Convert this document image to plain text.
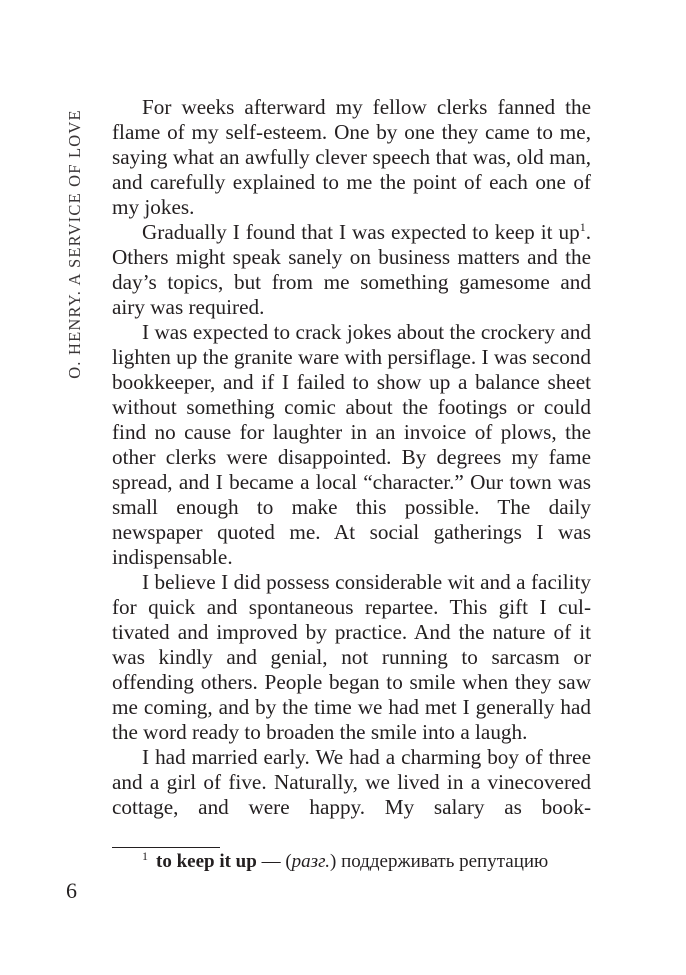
O. HENRY. A SERVICE OF LOVE

For weeks afterward my fellow clerks fanned the flame of my self-esteem. One by one they came to me, saying what an awfully clever speech that was, old man, and carefully explained to me the point of each one of my jokes.

Gradually I found that I was expected to keep it up$^1$. Others might speak sanely on business matters and the day’s topics, but from me something gamesome and airy was required.

I was expected to crack jokes about the crockery and lighten up the granite ware with persiflage. I was second bookkeeper, and if I failed to show up a balance sheet without something comic about the footings or could find no cause for laughter in an invoice of plows, the other clerks were disappointed. By degrees my fame spread, and I became a local “character.” Our town was small enough to make this possible. The daily newspaper quoted me. At social gatherings I was indispensable.

I believe I did possess considerable wit and a facility for quick and spontaneous repartee. This gift I cultivated and improved by practice. And the nature of it was kindly and genial, not running to sarcasm or offending others. People began to smile when they saw me coming, and by the time we had met I generally had the word ready to broaden the smile into a laugh.

I had married early. We had a charming boy of three and a girl of five. Naturally, we lived in a vinecovered cottage, and were happy. My salary as book-

$^1$ to keep it up — (разг.) поддерживать репутацию
6
